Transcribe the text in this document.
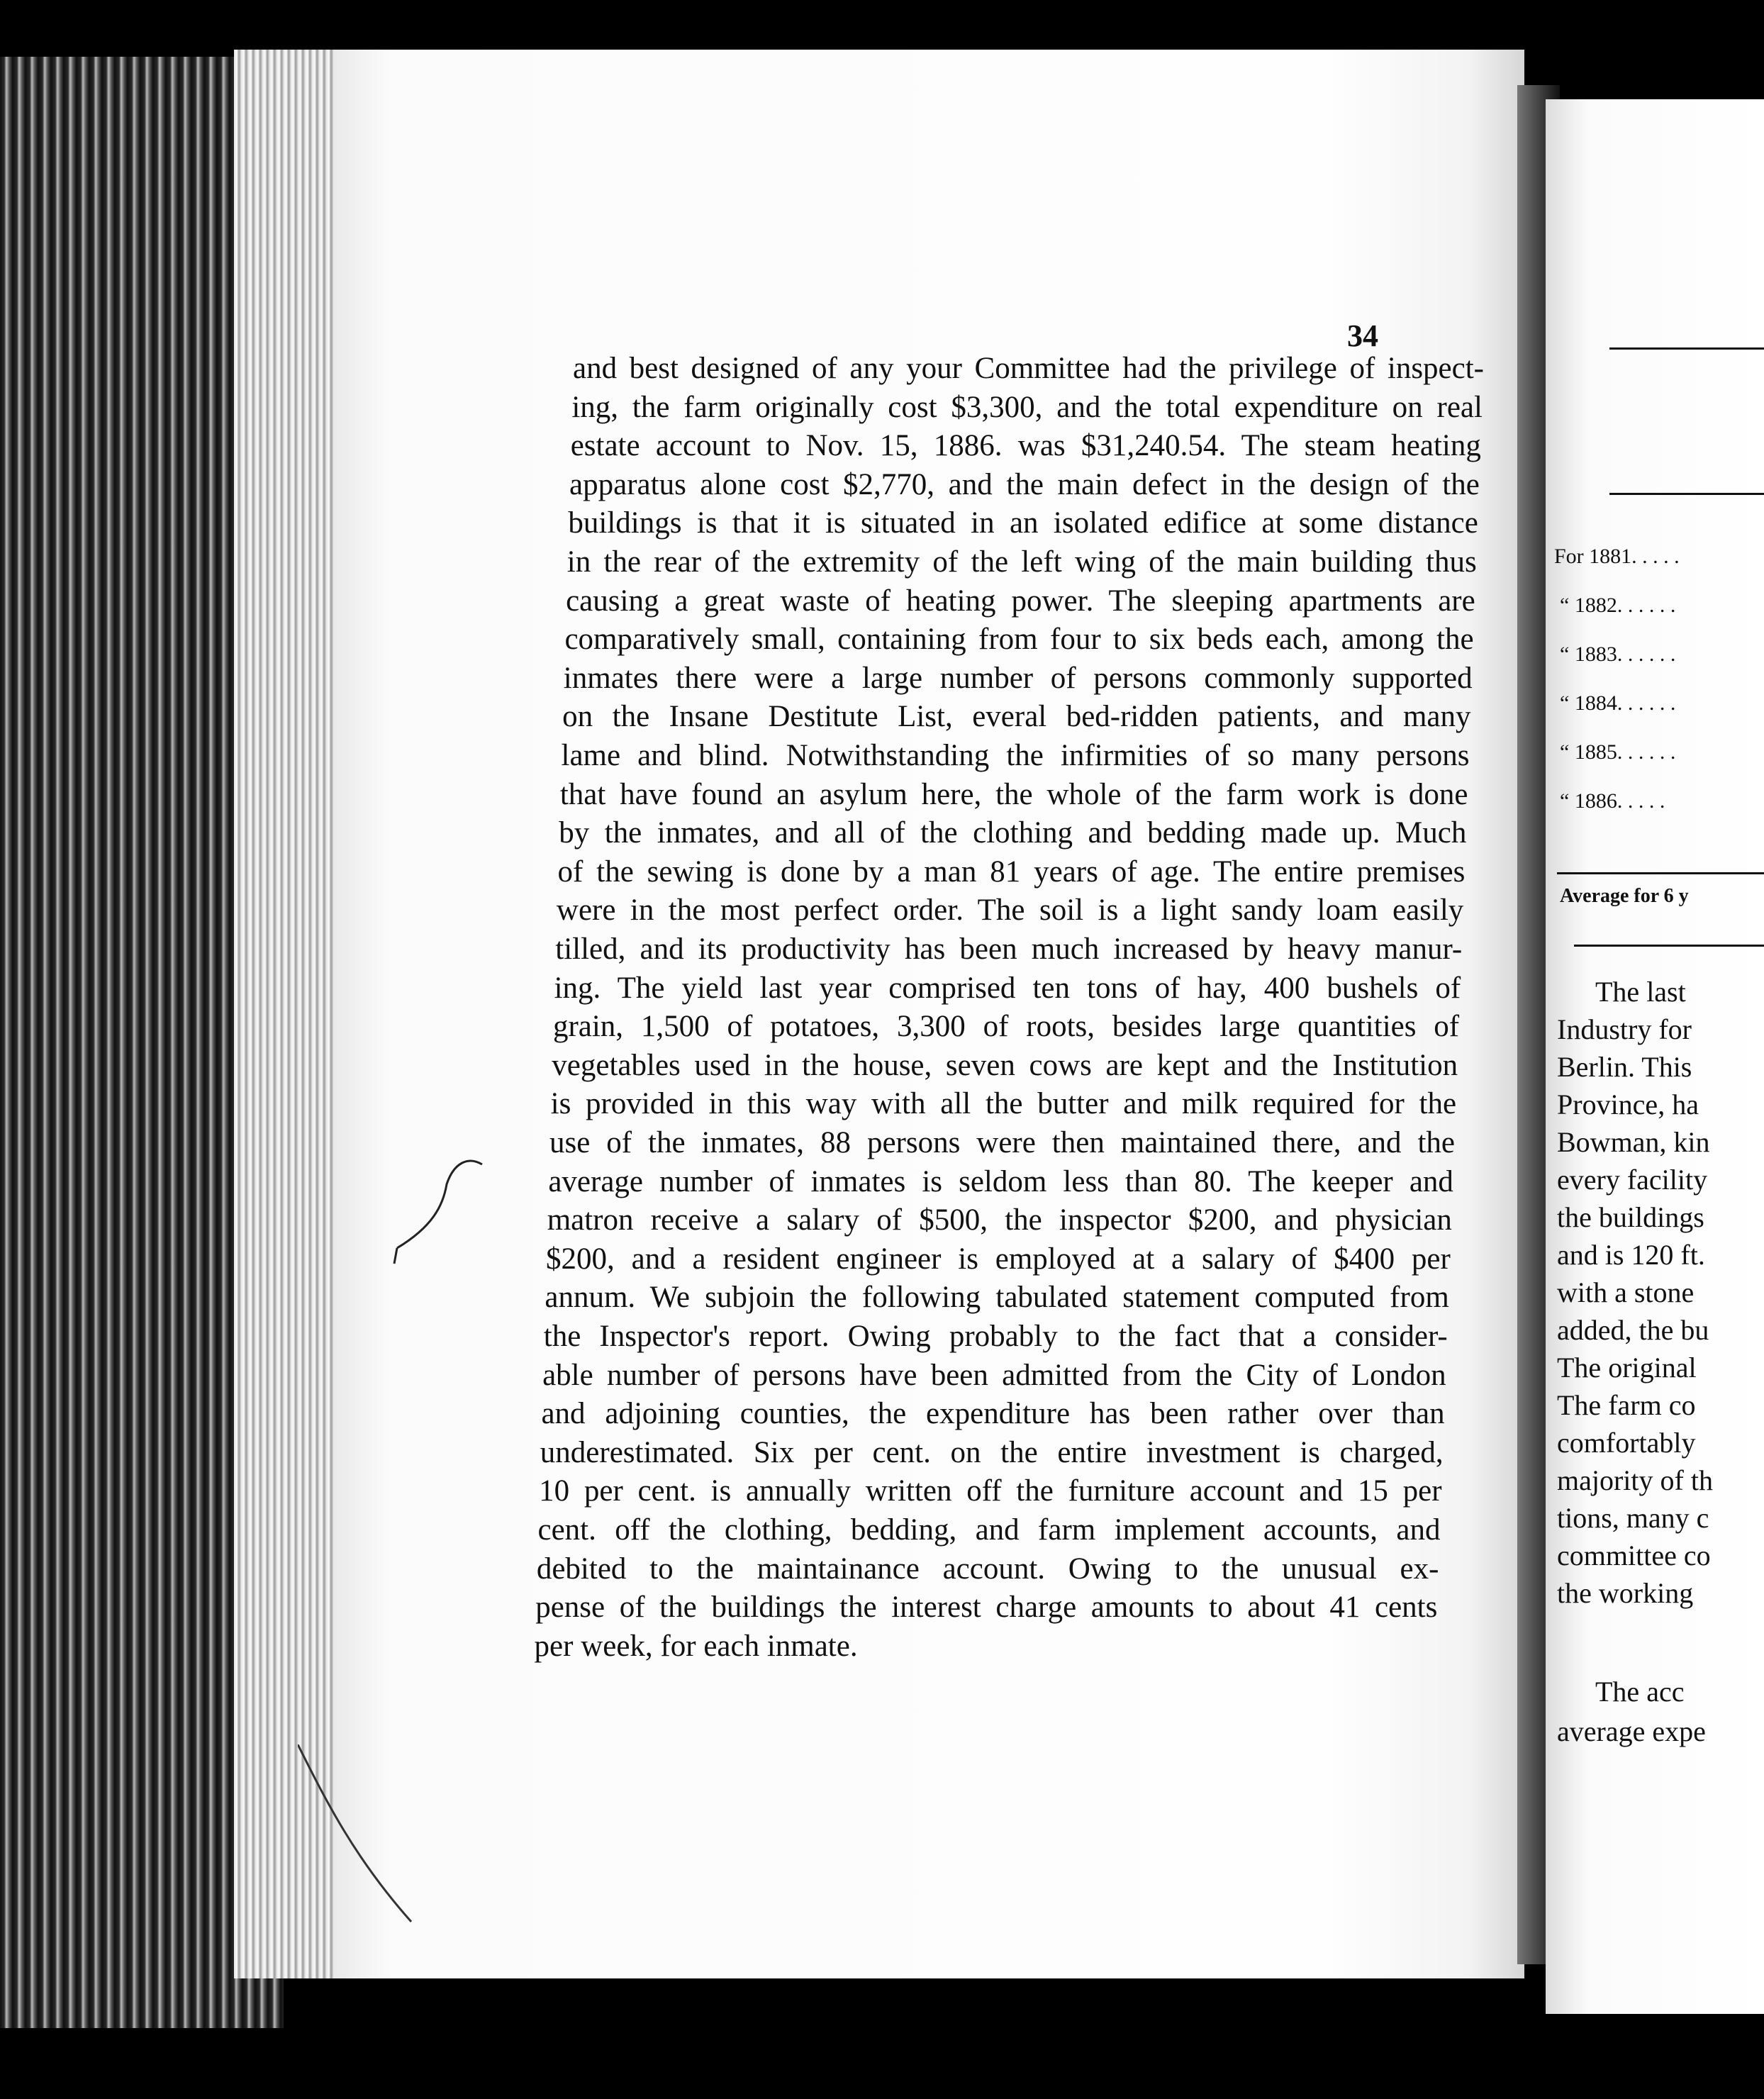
34
and best designed of any your Committee had the privilege of inspect-
ing, the farm originally cost $3,300, and the total expenditure on real
estate account to Nov. 15, 1886. was $31,240.54. The steam heating
apparatus alone cost $2,770, and the main defect in the design of the
buildings is that it is situated in an isolated edifice at some distance
in the rear of the extremity of the left wing of the main building thus
causing a great waste of heating power. The sleeping apartments are
comparatively small, containing from four to six beds each, among the
inmates there were a large number of persons commonly supported
on the Insane Destitute List, everal bed-ridden patients, and many
lame and blind. Notwithstanding the infirmities of so many persons
that have found an asylum here, the whole of the farm work is done
by the inmates, and all of the clothing and bedding made up. Much
of the sewing is done by a man 81 years of age. The entire premises
were in the most perfect order. The soil is a light sandy loam easily
tilled, and its productivity has been much increased by heavy manur-
ing. The yield last year comprised ten tons of hay, 400 bushels of
grain, 1,500 of potatoes, 3,300 of roots, besides large quantities of
vegetables used in the house, seven cows are kept and the Institution
is provided in this way with all the butter and milk required for the
use of the inmates, 88 persons were then maintained there, and the
average number of inmates is seldom less than 80. The keeper and
matron receive a salary of $500, the inspector $200, and physician
$200, and a resident engineer is employed at a salary of $400 per
annum. We subjoin the following tabulated statement computed from
the Inspector's report. Owing probably to the fact that a consider-
able number of persons have been admitted from the City of London
and adjoining counties, the expenditure has been rather over than
underestimated. Six per cent. on the entire investment is charged,
10 per cent. is annually written off the furniture account and 15 per
cent. off the clothing, bedding, and farm implement accounts, and
debited to the maintainance account. Owing to the unusual ex-
pense of the buildings the interest charge amounts to about 41 cents
per week, for each inmate.
For 1881. . . . .
“ 1882. . . . . .
“ 1883. . . . . .
“ 1884. . . . . .
“ 1885. . . . . .
“ 1886. . . . .
Average for 6 y
The last
Industry for
Berlin. This
Province, ha
Bowman, kin
every facility
the buildings
and is 120 ft.
with a stone
added, the bu
The original
The farm co
comfortably
majority of th
tions, many c
committee co
the working
The acc
average expe
